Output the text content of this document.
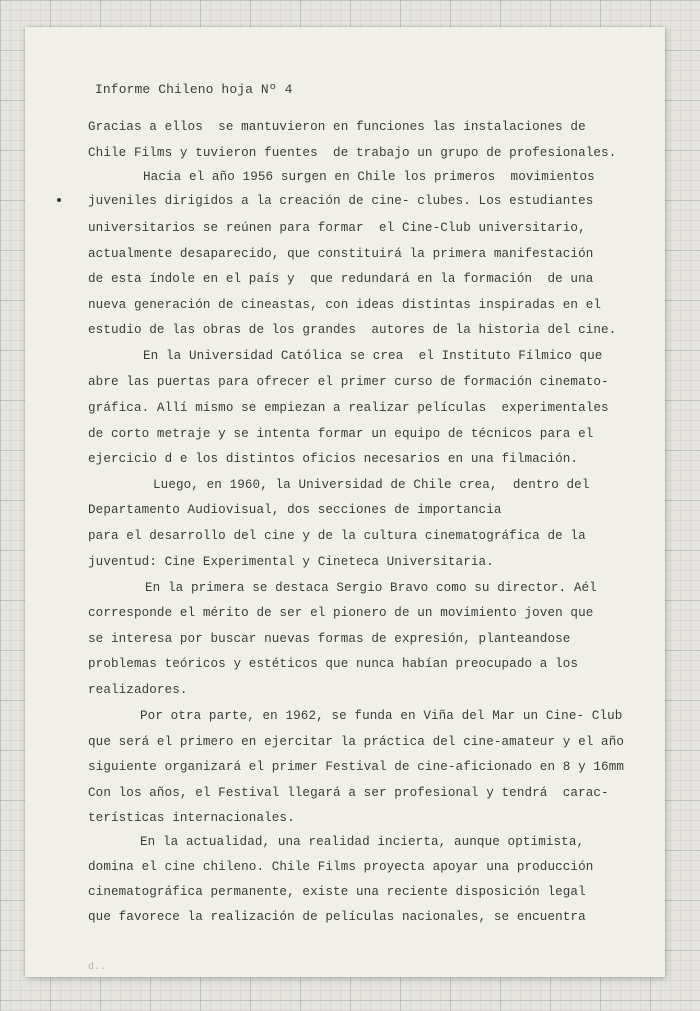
Informe Chileno hoja Nº 4
Gracias a ellos  se mantuvieron en funciones las instalaciones de
Chile Films y tuvieron fuentes  de trabajo un grupo de profesionales.
Hacia el año 1956 surgen en Chile los primeros  movimientos
juveniles dirigidos a la creación de cine- clubes. Los estudiantes
universitarios se reúnen para formar  el Cine-Club universitario,
actualmente desaparecido, que constituirá la primera manifestación
de esta índole en el país y  que redundará en la formación  de una
nueva generación de cineastas, con ideas distintas inspiradas en el
estudio de las obras de los grandes  autores de la historia del cine.
En la Universidad Católica se crea  el Instituto Fílmico que
abre las puertas para ofrecer el primer curso de formación cinemato-
gráfica. Allí mismo se empiezan a realizar películas  experimentales
de corto metraje y se intenta formar un equipo de técnicos para el
ejercicio d e los distintos oficios necesarios en una filmación.
Luego, en 1960, la Universidad de Chile crea,  dentro del
Departamento Audiovisual, dos secciones de importancia
para el desarrollo del cine y de la cultura cinematográfica de la
juventud: Cine Experimental y Cineteca Universitaria.
En la primera se destaca Sergio Bravo como su director. Aél
corresponde el mérito de ser el pionero de un movimiento joven que
se interesa por buscar nuevas formas de expresión, planteandose
problemas teóricos y estéticos que nunca habían preocupado a los
realizadores.
Por otra parte, en 1962, se funda en Viña del Mar un Cine- Club
que será el primero en ejercitar la práctica del cine-amateur y el año
siguiente organizará el primer Festival de cine-aficionado en 8 y 16mm
Con los años, el Festival llegará a ser profesional y tendrá  carac-
terísticas internacionales.
En la actualidad, una realidad incierta, aunque optimista,
domina el cine chileno. Chile Films proyecta apoyar una producción
cinematográfica permanente, existe una reciente disposición legal
que favorece la realización de películas nacionales, se encuentra
d..
